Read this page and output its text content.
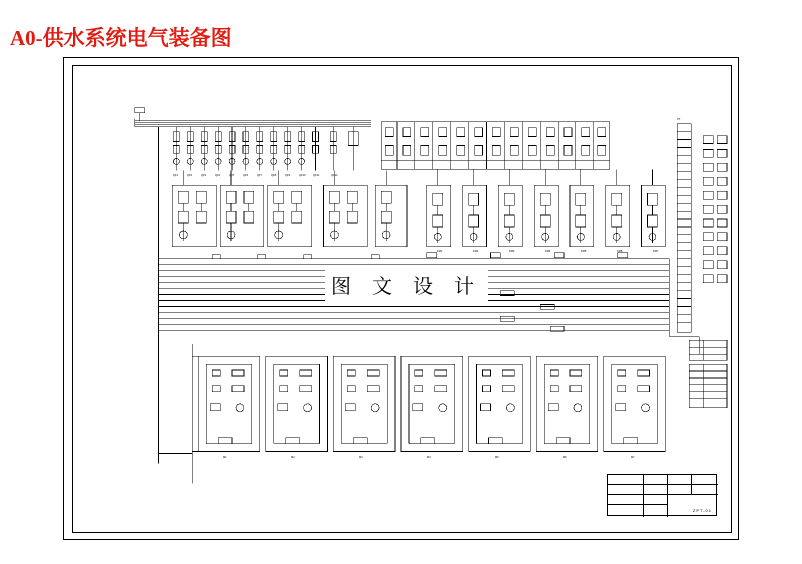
A0-供水系统电气装备图
QF1	QF2	QF3	QF4	QF5	QF6	QF7	QF8	QF9	QF10	QF11	QF12
KM1	KM2	KM3	KM4	KM5	KM6	KM7
M1	M2	M3	M4	M5	M6	M7
XT
ZPT-01
图 文 设 计
